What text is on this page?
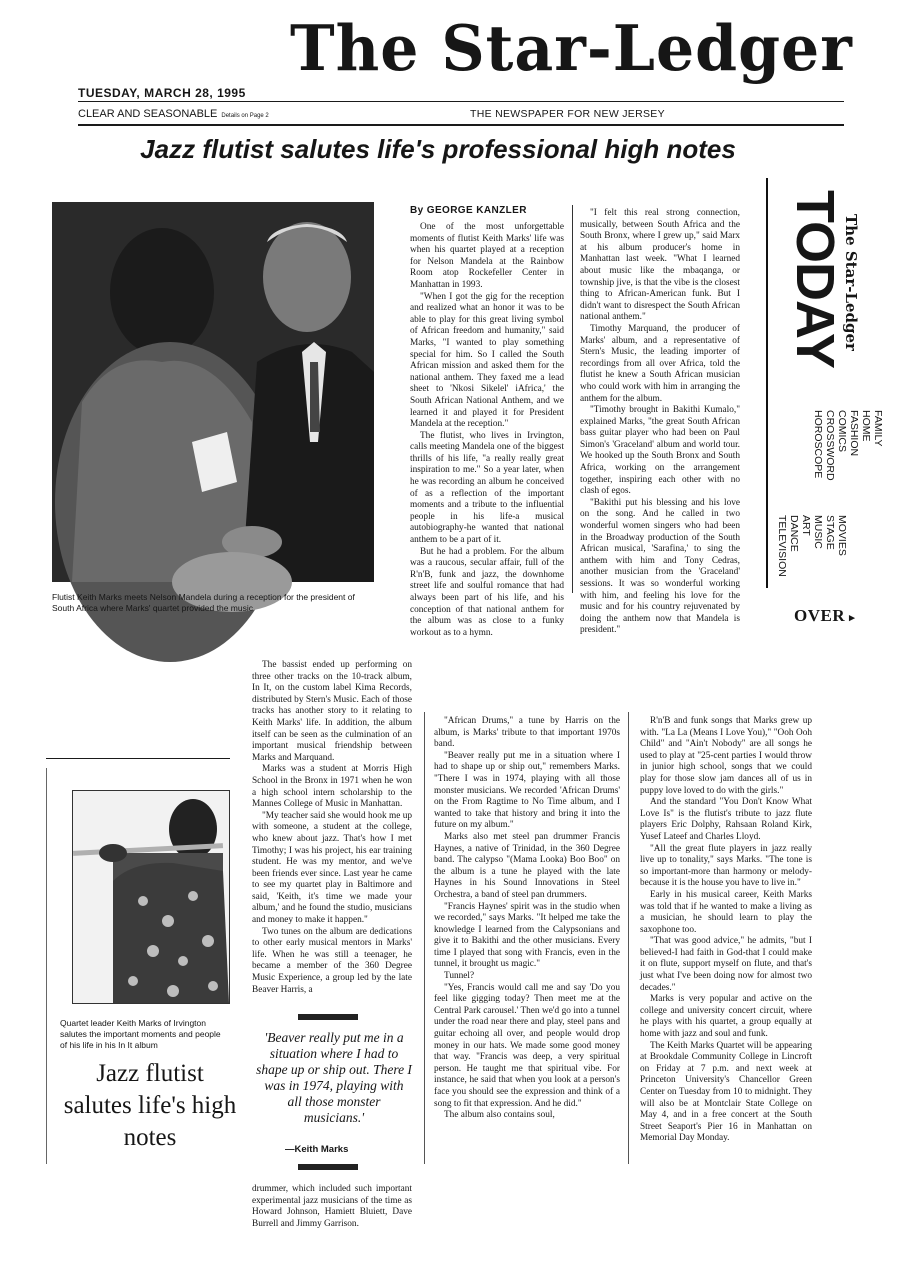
The Star-Ledger
TUESDAY, MARCH 28, 1995
CLEAR AND SEASONABLE Details on Page 2	THE NEWSPAPER FOR NEW JERSEY
Jazz flutist salutes life's professional high notes
Flutist Keith Marks meets Nelson Mandela during a reception for the president of South Africa where Marks' quartet provided the music
By GEORGE KANZLER

One of the most unforgettable moments of flutist Keith Marks' life was when his quartet played at a reception for Nelson Mandela at the Rainbow Room atop Rockefeller Center in Manhattan in 1993.

"When I got the gig for the reception and realized what an honor it was to be able to play for this great living symbol of African freedom and humanity," said Marks, "I wanted to play something special for him. So I called the South African mission and asked them for the national anthem. They faxed me a lead sheet to 'Nkosi Sikelel' iAfrica,' the South African National Anthem, and we learned it and played it for President Mandela at the reception."

The flutist, who lives in Irvington, calls meeting Mandela one of the biggest thrills of his life, "a really really great inspiration to me." So a year later, when he was recording an album he conceived of as a reflection of the important moments and a tribute to the influential people in his life-a musical autobiography-he wanted that national anthem to be a part of it.

But he had a problem. For the album was a raucous, secular affair, full of the R'n'B, funk and jazz, the downhome street life and soulful romance that had always been part of his life, and his conception of that national anthem for the album was as close to a funky workout as to a hymn.

"I felt this real strong connection, musically, between South Africa and the South Bronx, where I grew up," said Marx at his album producer's home in Manhattan last week. "What I learned about music like the mbaqanga, or township jive, is that the vibe is the closest thing to African-American funk. But I didn't want to disrespect the South African national anthem."

Timothy Marquand, the producer of Marks' album, and a representative of Stern's Music, the leading importer of recordings from all over Africa, told the flutist he knew a South African musician who could work with him in arranging the anthem for the album.

"Timothy brought in Bakithi Kumalo," explained Marks, "the great South African bass guitar player who had been on Paul Simon's 'Graceland' album and world tour. We hooked up the South Bronx and South Africa, working on the arrangement together, inspiring each other with no clash of egos.

"Bakithi put his blessing and his love on the song. And he called in two wonderful women singers who had been in the Broadway production of the South African musical, 'Sarafina,' to sing the anthem with him and Tony Cedras, another musician from the 'Graceland' sessions. It was so wonderful working with him, and feeling his love for the music and for his country rejuvenated by doing the anthem now that Mandela is president."

TODAY
The Star-Ledger
FAMILY
HOME
FASHION
COMICS
CROSSWORD
HOROSCOPE
MOVIES
STAGE
MUSIC
ART
DANCE
TELEVISION
OVER ▸
Quartet leader Keith Marks of Irvington salutes the important moments and people of his life in his In It album
Jazz flutist salutes life's high notes

The bassist ended up performing on three other tracks on the 10-track album, In It, on the custom label Kima Records, distributed by Stern's Music. Each of those tracks has another story to it relating to Keith Marks' life. In addition, the album itself can be seen as the culmination of an important musical friendship between Marks and Marquand.

Marks was a student at Morris High School in the Bronx in 1971 when he won a high school intern scholarship to the Mannes College of Music in Manhattan.

"My teacher said she would hook me up with someone, a student at the college, who knew about jazz. That's how I met Timothy; I was his project, his ear training student. He was my mentor, and we've been friends ever since. Last year he came to see my quartet play in Baltimore and said, 'Keith, it's time we made your album,' and he found the studio, musicians and money to make it happen."

Two tunes on the album are dedications to other early musical mentors in Marks' life. When he was still a teenager, he became a member of the 360 Degree Music Experience, a group led by the late Beaver Harris, a

'Beaver really put me in a situation where I had to shape up or ship out. There I was in 1974, playing with all those monster musicians.'
—Keith Marks

drummer, which included such important experimental jazz musicians of the time as Howard Johnson, Hamiett Bluiett, Dave Burrell and Jimmy Garrison.

"African Drums," a tune by Harris on the album, is Marks' tribute to that important 1970s band.

"Beaver really put me in a situation where I had to shape up or ship out," remembers Marks. "There I was in 1974, playing with all those monster musicians. We recorded 'African Drums' on the From Ragtime to No Time album, and I wanted to take that history and bring it into the future on my album."

Marks also met steel pan drummer Francis Haynes, a native of Trinidad, in the 360 Degree band. The calypso "(Mama Looka) Boo Boo" on the album is a tune he played with the late Haynes in his Sound Innovations in Steel Orchestra, a band of steel pan drummers.

"Francis Haynes' spirit was in the studio when we recorded," says Marks. "It helped me take the knowledge I learned from the Calypsonians and give it to Bakithi and the other musicians. Every time I played that song with Francis, even in the tunnel, it brought us magic."

Tunnel?

"Yes, Francis would call me and say 'Do you feel like gigging today? Then meet me at the Central Park carousel.' Then we'd go into a tunnel under the road near there and play, steel pans and guitar echoing all over, and people would drop money in our hats. We made some good money that way. "Francis was deep, a very spiritual person. He taught me that spiritual vibe. For instance, he said that when you look at a person's face you should see the expression and think of a song to fit that expression. And he did."

The album also contains soul,

R'n'B and funk songs that Marks grew up with. "La La (Means I Love You)," "Ooh Ooh Child" and "Ain't Nobody" are all songs he used to play at "25-cent parties I would throw in junior high school, songs that we could play for those slow jam dances all of us in puppy love loved to do with the girls."

And the standard "You Don't Know What Love Is" is the flutist's tribute to jazz flute players Eric Dolphy, Rahsaan Roland Kirk, Yusef Lateef and Charles Lloyd.

"All the great flute players in jazz really live up to tonality," says Marks. "The tone is so important-more than harmony or melody-because it is the house you have to live in."

Early in his musical career, Keith Marks was told that if he wanted to make a living as a musician, he should learn to play the saxophone too.

"That was good advice," he admits, "but I believed-I had faith in God-that I could make it on flute, support myself on flute, and that's just what I've been doing now for almost two decades."

Marks is very popular and active on the college and university concert circuit, where he plays with his quartet, a group equally at home with jazz and soul and funk.

The Keith Marks Quartet will be appearing at Brookdale Community College in Lincroft on Friday at 7 p.m. and next week at Princeton University's Chancellor Green Center on Tuesday from 10 to midnight. They will also be at Montclair State College on May 4, and in a free concert at the South Street Seaport's Pier 16 in Manhattan on Memorial Day Monday.
